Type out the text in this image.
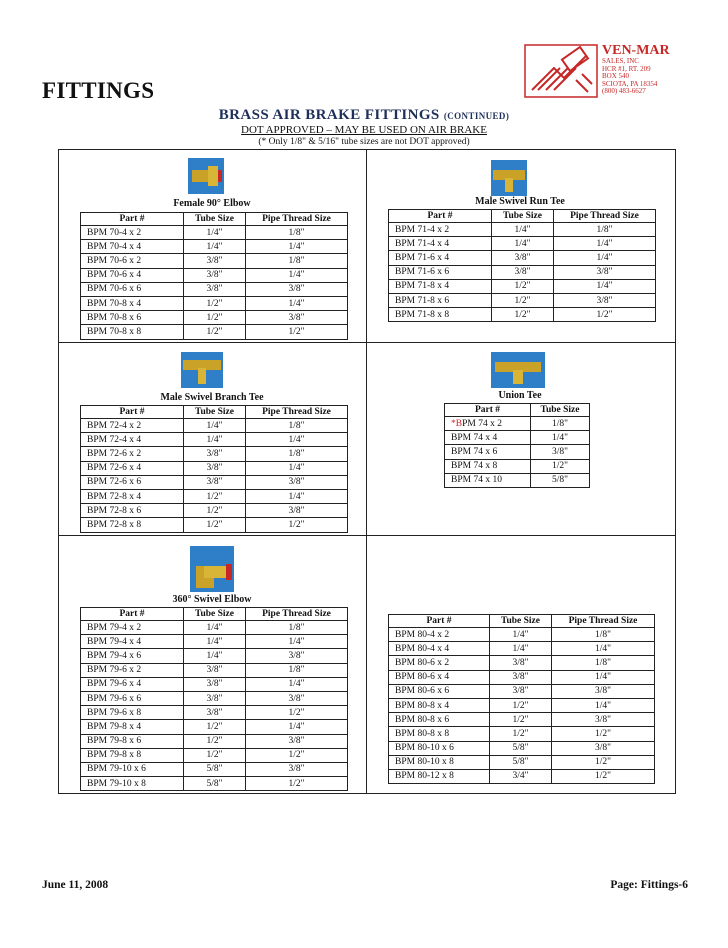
FITTINGS
VEN-MAR
SALES, INC
HCR #1, RT. 209
BOX 540
SCIOTA, PA 18354
(800) 483-6627
BRASS AIR BRAKE FITTINGS (CONTINUED)
DOT APPROVED – MAY BE USED ON AIR BRAKE
(* Only 1/8" & 5/16" tube sizes are not DOT approved)
Female 90° Elbow	Male Swivel Run Tee
Male Swivel Branch Tee	Union Tee
360° Swivel Elbow
Part #	Tube Size	Pipe Thread Size
BPM 70-4 x 2	1/4"	1/8"
BPM 70-4 x 4	1/4"	1/4"
BPM 70-6 x 2	3/8"	1/8"
BPM 70-6 x 4	3/8"	1/4"
BPM 70-6 x 6	3/8"	3/8"
BPM 70-8 x 4	1/2"	1/4"
BPM 70-8 x 6	1/2"	3/8"
BPM 70-8 x 8	1/2"	1/2"
Part #	Tube Size	Pipe Thread Size
BPM 71-4 x 2	1/4"	1/8"
BPM 71-4 x 4	1/4"	1/4"
BPM 71-6 x 4	3/8"	1/4"
BPM 71-6 x 6	3/8"	3/8"
BPM 71-8 x 4	1/2"	1/4"
BPM 71-8 x 6	1/2"	3/8"
BPM 71-8 x 8	1/2"	1/2"
Part #	Tube Size	Pipe Thread Size
BPM 72-4 x 2	1/4"	1/8"
BPM 72-4 x 4	1/4"	1/4"
BPM 72-6 x 2	3/8"	1/8"
BPM 72-6 x 4	3/8"	1/4"
BPM 72-6 x 6	3/8"	3/8"
BPM 72-8 x 4	1/2"	1/4"
BPM 72-8 x 6	1/2"	3/8"
BPM 72-8 x 8	1/2"	1/2"
Part #	Tube Size
*BPM 74 x 2	1/8"
BPM 74 x 4	1/4"
BPM 74 x 6	3/8"
BPM 74 x 8	1/2"
BPM 74 x 10	5/8"
Part #	Tube Size	Pipe Thread Size
BPM 79-4 x 2	1/4"	1/8"
BPM 79-4 x 4	1/4"	1/4"
BPM 79-4 x 6	1/4"	3/8"
BPM 79-6 x 2	3/8"	1/8"
BPM 79-6 x 4	3/8"	1/4"
BPM 79-6 x 6	3/8"	3/8"
BPM 79-6 x 8	3/8"	1/2"
BPM 79-8 x 4	1/2"	1/4"
BPM 79-8 x 6	1/2"	3/8"
BPM 79-8 x 8	1/2"	1/2"
BPM 79-10 x 6	5/8"	3/8"
BPM 79-10 x 8	5/8"	1/2"
Part #	Tube Size	Pipe Thread Size
BPM 80-4 x 2	1/4"	1/8"
BPM 80-4 x 4	1/4"	1/4"
BPM 80-6 x 2	3/8"	1/8"
BPM 80-6 x 4	3/8"	1/4"
BPM 80-6 x 6	3/8"	3/8"
BPM 80-8 x 4	1/2"	1/4"
BPM 80-8 x 6	1/2"	3/8"
BPM 80-8 x 8	1/2"	1/2"
BPM 80-10 x 6	5/8"	3/8"
BPM 80-10 x 8	5/8"	1/2"
BPM 80-12 x 8	3/4"	1/2"
June 11, 2008	Page: Fittings-6
